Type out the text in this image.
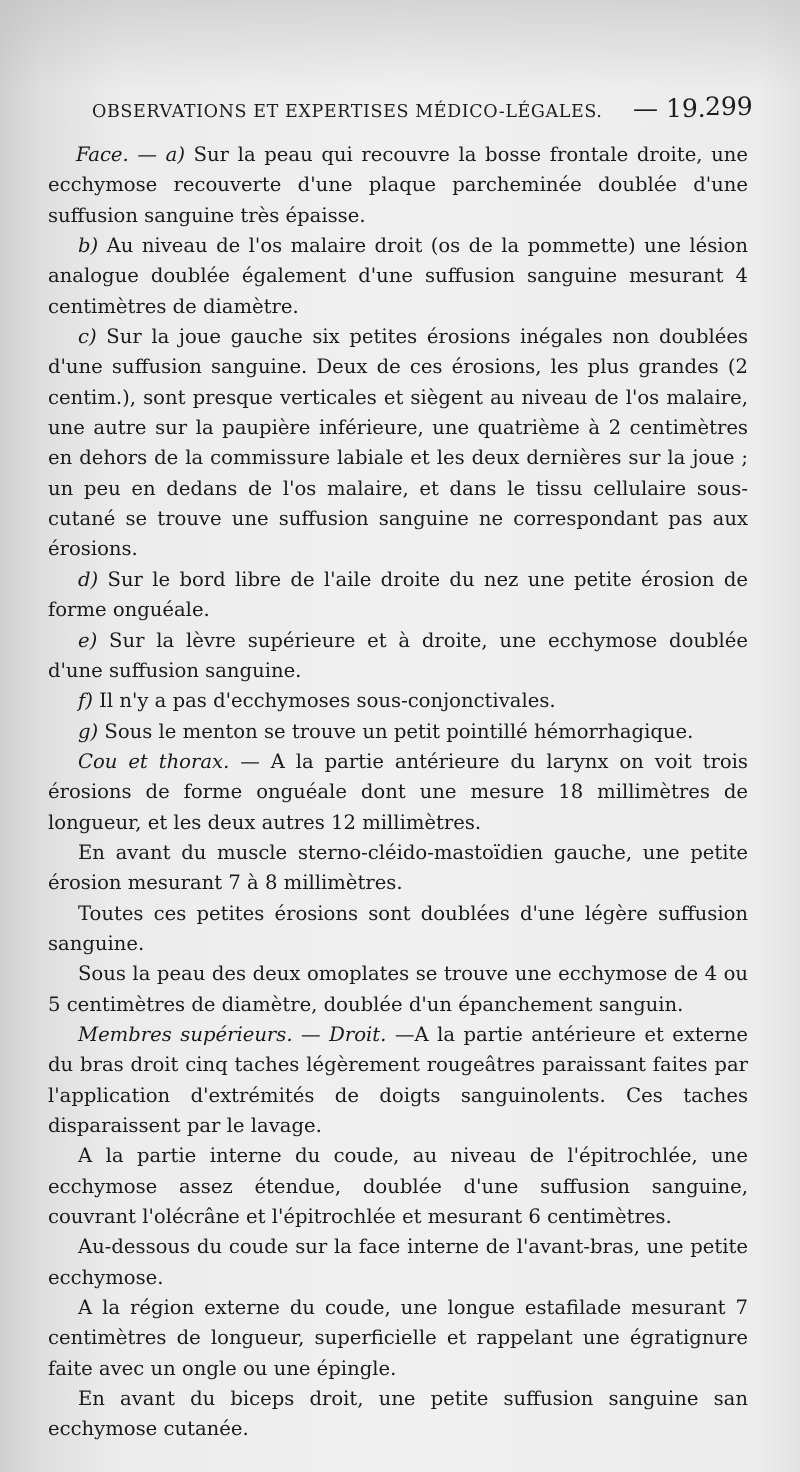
OBSERVATIONS ET EXPERTISES MÉDICO-LÉGALES. — 19. 299

Face. — a) Sur la peau qui recouvre la bosse frontale droite, une ecchymose recouverte d'une plaque parcheminée doublée d'une suffusion sanguine très épaisse.

b) Au niveau de l'os malaire droit (os de la pommette) une lésion analogue doublée également d'une suffusion sanguine mesurant 4 centimètres de diamètre.

c) Sur la joue gauche six petites érosions inégales non doublées d'une suffusion sanguine. Deux de ces érosions, les plus grandes (2 centim.), sont presque verticales et siègent au niveau de l'os malaire, une autre sur la paupière inférieure, une quatrième à 2 centimètres en dehors de la commissure labiale et les deux dernières sur la joue ; un peu en dedans de l'os malaire, et dans le tissu cellulaire sous-cutané se trouve une suffusion sanguine ne correspondant pas aux érosions.

d) Sur le bord libre de l'aile droite du nez une petite érosion de forme onguéale.

e) Sur la lèvre supérieure et à droite, une ecchymose doublée d'une suffusion sanguine.

f) Il n'y a pas d'ecchymoses sous-conjonctivales.

g) Sous le menton se trouve un petit pointillé hémorrhagique.

Cou et thorax. — A la partie antérieure du larynx on voit trois érosions de forme onguéale dont une mesure 18 millimètres de longueur, et les deux autres 12 millimètres.

En avant du muscle sterno-cléido-mastoïdien gauche, une petite érosion mesurant 7 à 8 millimètres.

Toutes ces petites érosions sont doublées d'une légère suffusion sanguine.

Sous la peau des deux omoplates se trouve une ecchymose de 4 ou 5 centimètres de diamètre, doublée d'un épanchement sanguin.

Membres supérieurs. — Droit. —A la partie antérieure et externe du bras droit cinq taches légèrement rougeâtres paraissant faites par l'application d'extrémités de doigts sanguinolents. Ces taches disparaissent par le lavage.

A la partie interne du coude, au niveau de l'épitrochlée, une ecchymose assez étendue, doublée d'une suffusion sanguine, couvrant l'olécrâne et l'épitrochlée et mesurant 6 centimètres.

Au-dessous du coude sur la face interne de l'avant-bras, une petite ecchymose.

A la région externe du coude, une longue estafilade mesurant 7 centimètres de longueur, superficielle et rappelant une égratignure faite avec un ongle ou une épingle.

En avant du biceps droit, une petite suffusion sanguine san ecchymose cutanée.
